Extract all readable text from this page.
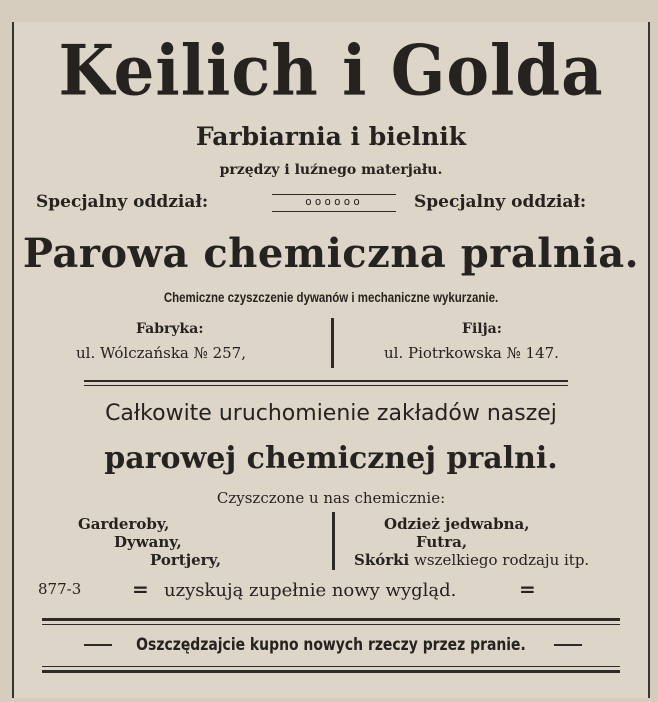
Keilich i Golda
Farbiarnia i bielnik
przędzy i luźnego materjału.
Specjalny oddział:	oooooo	Specjalny oddział:
Parowa chemiczna pralnia.
Chemiczne czyszczenie dywanów i mechaniczne wykurzanie.
Fabryka:
ul. Wólczańska № 257,
Filja:
ul. Piotrkowska № 147.
Całkowite uruchomienie zakładów naszej
parowej chemicznej pralni.
Czyszczone u nas chemicznie:
Garderoby,
Dywany,
Portjery,
Odzież jedwabna,
Futra,
Skórki wszelkiego rodzaju itp.
877-3	= uzyskują zupełnie nowy wygląd.	=
Oszczędzajcie kupno nowych rzeczy przez pranie.
